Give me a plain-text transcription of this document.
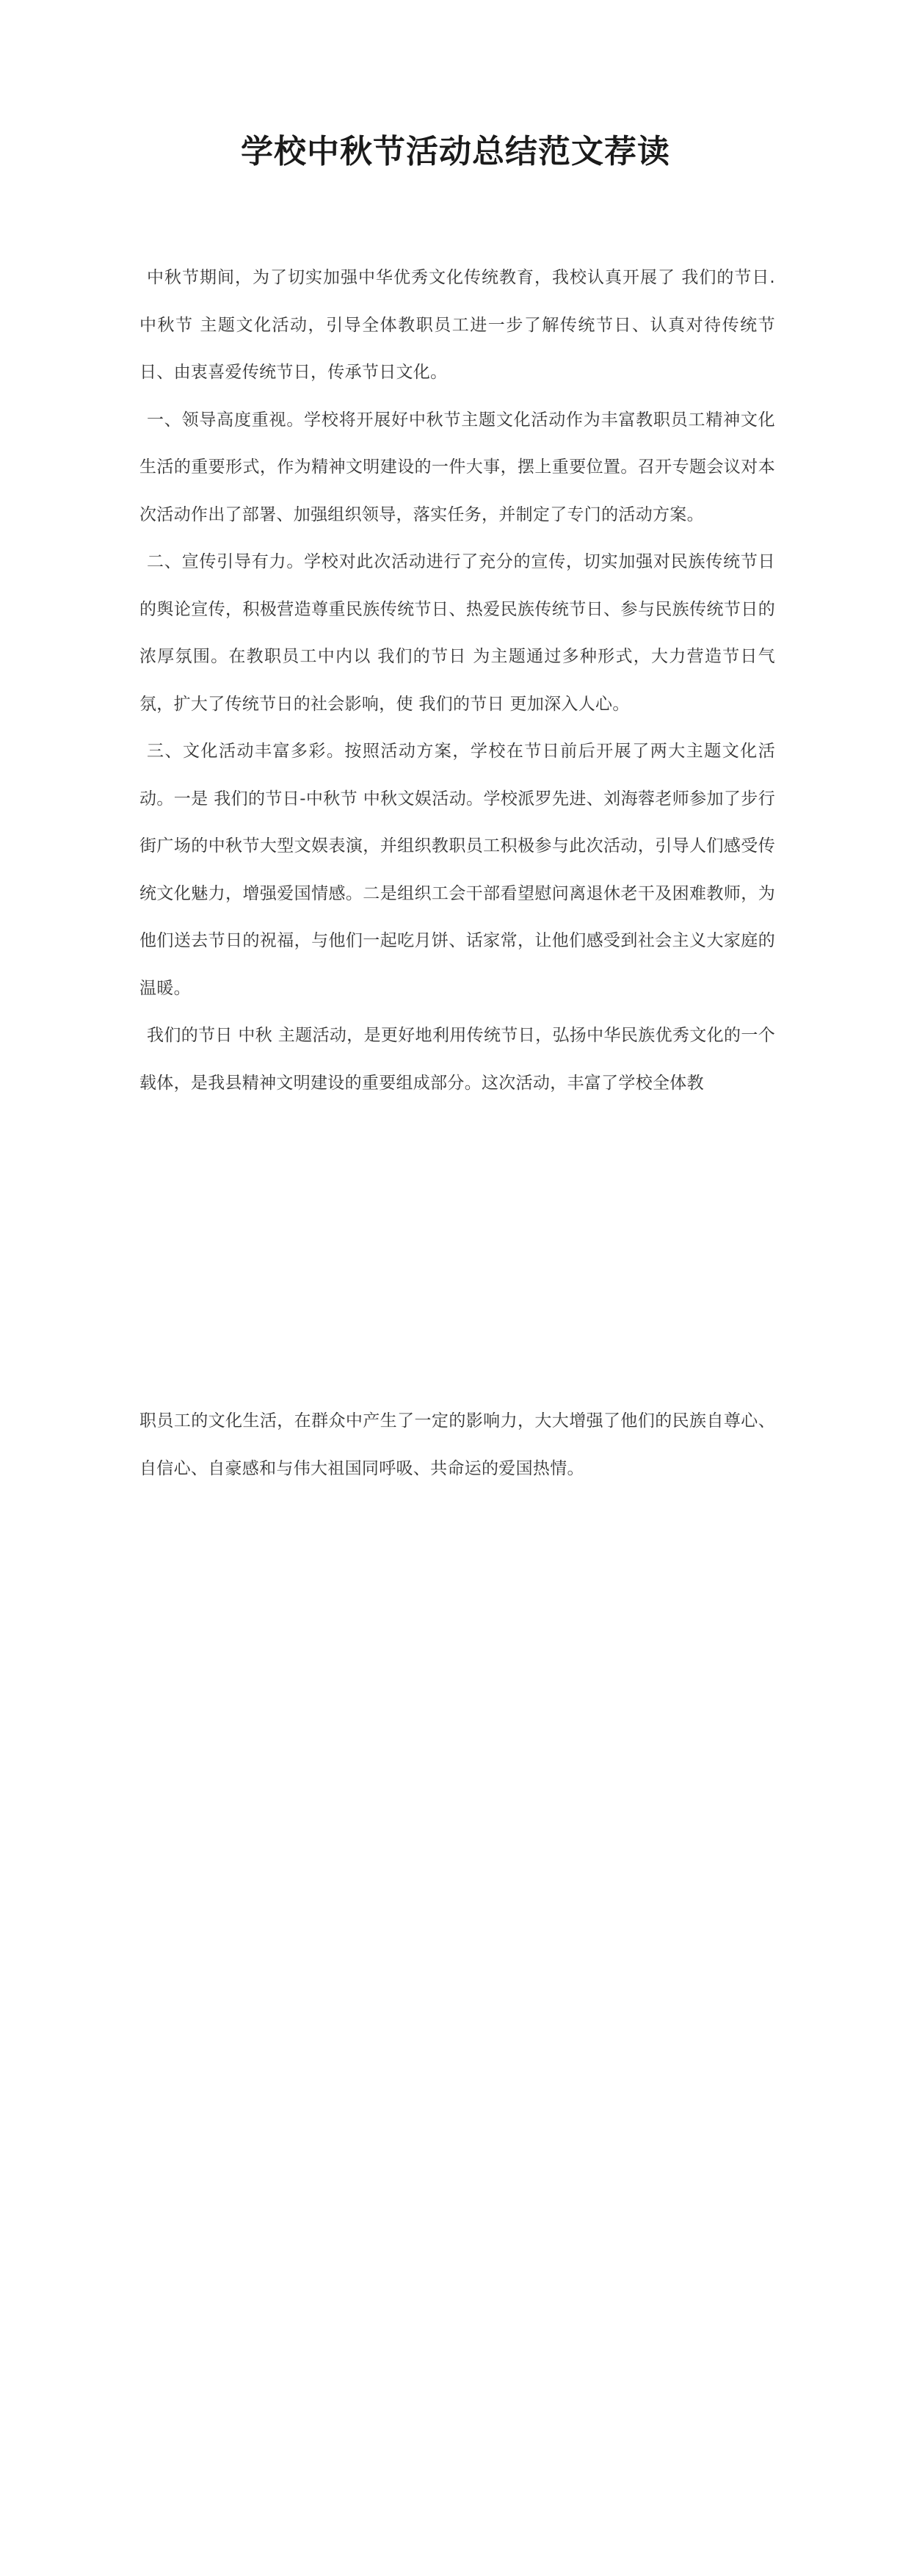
学校中秋节活动总结范文荐读

中秋节期间，为了切实加强中华优秀文化传统教育，我校认真开展了 我们的节日. 中秋节 主题文化活动，引导全体教职员工进一步了解传统节日、认真对待传统节日、由衷喜爱传统节日，传承节日文化。

一、领导高度重视。学校将开展好中秋节主题文化活动作为丰富教职员工精神文化生活的重要形式，作为精神文明建设的一件大事，摆上重要位置。召开专题会议对本次活动作出了部署、加强组织领导，落实任务，并制定了专门的活动方案。

二、宣传引导有力。学校对此次活动进行了充分的宣传，切实加强对民族传统节日的舆论宣传，积极营造尊重民族传统节日、热爱民族传统节日、参与民族传统节日的浓厚氛围。在教职员工中内以 我们的节日 为主题通过多种形式，大力营造节日气氛，扩大了传统节日的社会影响，使 我们的节日 更加深入人心。

三、文化活动丰富多彩。按照活动方案，学校在节日前后开展了两大主题文化活动。一是 我们的节日-中秋节 中秋文娱活动。学校派罗先进、刘海蓉老师参加了步行街广场的中秋节大型文娱表演，并组织教职员工积极参与此次活动，引导人们感受传统文化魅力，增强爱国情感。二是组织工会干部看望慰问离退休老干及困难教师，为他们送去节日的祝福，与他们一起吃月饼、话家常，让他们感受到社会主义大家庭的温暖。

我们的节日 中秋 主题活动，是更好地利用传统节日，弘扬中华民族优秀文化的一个载体，是我县精神文明建设的重要组成部分。这次活动，丰富了学校全体教

职员工的文化生活，在群众中产生了一定的影响力，大大增强了他们的民族自尊心、自信心、自豪感和与伟大祖国同呼吸、共命运的爱国热情。
